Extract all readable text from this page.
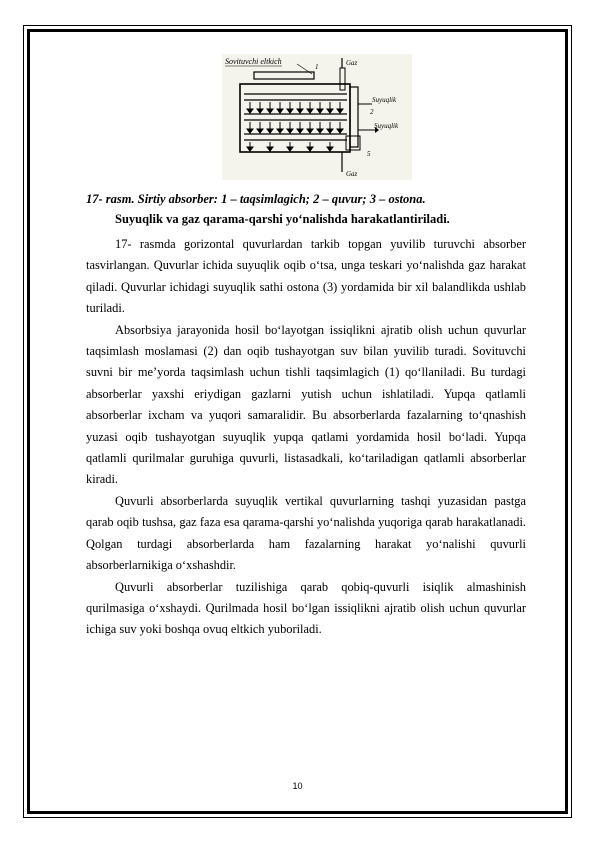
Sovituvchi eltkich
1	Gaz
Suyuqlik
2
Suyuqlik
5
Gaz
17- rasm. Sirtiy absorber: 1 – taqsimlagich; 2 – quvur; 3 – ostona.
Suyuqlik va gaz qarama-qarshi yo‘nalishda harakatlantiriladi.

17- rasmda gorizontal quvurlardan tarkib topgan yuvilib turuvchi absorber tasvirlangan. Quvurlar ichida suyuqlik oqib o‘tsa, unga teskari yo‘nalishda gaz harakat qiladi. Quvurlar ichidagi suyuqlik sathi ostona (3) yordamida bir xil balandlikda ushlab turiladi.

Absorbsiya jarayonida hosil bo‘layotgan issiqlikni ajratib olish uchun quvurlar taqsimlash moslamasi (2) dan oqib tushayotgan suv bilan yuvilib turadi. Sovituvchi suvni bir me’yorda taqsimlash uchun tishli taqsimlagich (1) qo‘llaniladi. Bu turdagi absorberlar yaxshi eriydigan gazlarni yutish uchun ishlatiladi. Yupqa qatlamli absorberlar ixcham va yuqori samaralidir. Bu absorberlarda fazalarning to‘qnashish yuzasi oqib tushayotgan suyuqlik yupqa qatlami yordamida hosil bo‘ladi. Yupqa qatlamli qurilmalar guruhiga quvurli, listasadkali, ko‘tariladigan qatlamli absorberlar kiradi.

Quvurli absorberlarda suyuqlik vertikal quvurlarning tashqi yuzasidan pastga qarab oqib tushsa, gaz faza esa qarama-qarshi yo‘nalishda yuqoriga qarab harakatlanadi. Qolgan turdagi absorberlarda ham fazalarning harakat yo‘nalishi quvurli absorberlarnikiga o‘xshashdir.

Quvurli absorberlar tuzilishiga qarab qobiq-quvurli isiqlik almashinish qurilmasiga o‘xshaydi. Qurilmada hosil bo‘lgan issiqlikni ajratib olish uchun quvurlar ichiga suv yoki boshqa ovuq eltkich yuboriladi.

10
